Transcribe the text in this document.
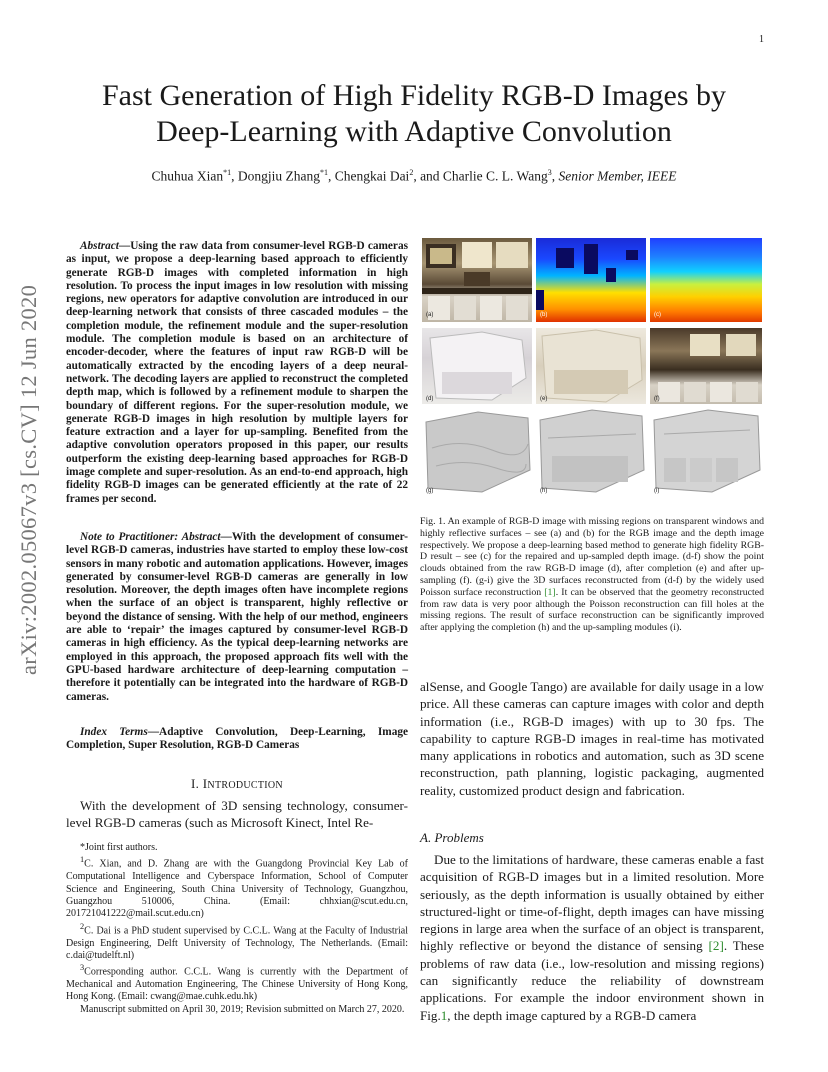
1
arXiv:2002.05067v3 [cs.CV] 12 Jun 2020
Fast Generation of High Fidelity RGB-D Images by
Deep-Learning with Adaptive Convolution
Chuhua Xian$^{*1}$, Dongjiu Zhang$^{*1}$, Chengkai Dai$^2$, and Charlie C. L. Wang$^3$, Senior Member, IEEE

Abstract—Using the raw data from consumer-level RGB-D cameras as input, we propose a deep-learning based approach to efficiently generate RGB-D images with completed information in high resolution. To process the input images in low resolution with missing regions, new operators for adaptive convolution are introduced in our deep-learning network that consists of three cascaded modules – the completion module, the refinement module and the super-resolution module. The completion module is based on an architecture of encoder-decoder, where the features of input raw RGB-D will be automatically extracted by the encoding layers of a deep neural-network. The decoding layers are applied to reconstruct the completed depth map, which is followed by a refinement module to sharpen the boundary of different regions. For the super-resolution module, we generate RGB-D images in high resolution by multiple layers for feature extraction and a layer for up-sampling. Benefited from the adaptive convolution operators proposed in this paper, our results outperform the existing deep-learning based approaches for RGB-D image complete and super-resolution. As an end-to-end approach, high fidelity RGB-D images can be generated efficiently at the rate of 22 frames per second.

Note to Practitioner: Abstract—With the development of consumer-level RGB-D cameras, industries have started to employ these low-cost sensors in many robotic and automation applications. However, images generated by consumer-level RGB-D cameras are generally in low resolution. Moreover, the depth images often have incomplete regions when the surface of an object is transparent, highly reflective or beyond the distance of sensing. With the help of our method, engineers are able to ‘repair’ the images captured by consumer-level RGB-D cameras in high efficiency. As the typical deep-learning networks are employed in this approach, the proposed approach fits well with the GPU-based hardware architecture of deep-learning computation – therefore it potentially can be integrated into the hardware of RGB-D cameras.

Index Terms—Adaptive Convolution, Deep-Learning, Image Completion, Super Resolution, RGB-D Cameras

I. INTRODUCTION

With the development of 3D sensing technology, consumer-level RGB-D cameras (such as Microsoft Kinect, Intel Re-

*Joint first authors.

$^1$C. Xian, and D. Zhang are with the Guangdong Provincial Key Lab of Computational Intelligence and Cyberspace Information, School of Computer Science and Engineering, South China University of Technology, Guangzhou, Guangzhou 510006, China. (Email: chhxian@scut.edu.cn, 201721041222@mail.scut.edu.cn)

$^2$C. Dai is a PhD student supervised by C.C.L. Wang at the Faculty of Industrial Design Engineering, Delft University of Technology, The Netherlands. (Email: c.dai@tudelft.nl)

$^3$Corresponding author. C.C.L. Wang is currently with the Department of Mechanical and Automation Engineering, The Chinese University of Hong Kong, Hong Kong. (Email: cwang@mae.cuhk.edu.hk)

Manuscript submitted on April 30, 2019; Revision submitted on March 27, 2020.

(a)	(b)	(c)
(d)	(e)	(f)
(g)	(h)	(i)
Fig. 1. An example of RGB-D image with missing regions on transparent windows and highly reflective surfaces – see (a) and (b) for the RGB image and the depth image respectively. We propose a deep-learning based method to generate high fidelity RGB-D result – see (c) for the repaired and up-sampled depth image. (d-f) show the point clouds obtained from the raw RGB-D image (d), after completion (e) and after up-sampling (f). (g-i) give the 3D surfaces reconstructed from (d-f) by the widely used Poisson surface reconstruction [1]. It can be observed that the geometry reconstructed from raw data is very poor although the Poisson reconstruction can fill holes at the missing regions. The result of surface reconstruction can be significantly improved after applying the completion (h) and the up-sampling modules (i).

alSense, and Google Tango) are available for daily usage in a low price. All these cameras can capture images with color and depth information (i.e., RGB-D images) with up to 30 fps. The capability to capture RGB-D images in real-time has motivated many applications in robotics and automation, such as 3D scene reconstruction, path planning, logistic packaging, augmented reality, customized product design and fabrication.

A. Problems

Due to the limitations of hardware, these cameras enable a fast acquisition of RGB-D images but in a limited resolution. More seriously, as the depth information is usually obtained by either structured-light or time-of-flight, depth images can have missing regions in large area when the surface of an object is transparent, highly reflective or beyond the distance of sensing [2]. These problems of raw data (i.e., low-resolution and missing regions) can significantly reduce the reliability of downstream applications. For example the indoor environment shown in Fig.1, the depth image captured by a RGB-D camera
